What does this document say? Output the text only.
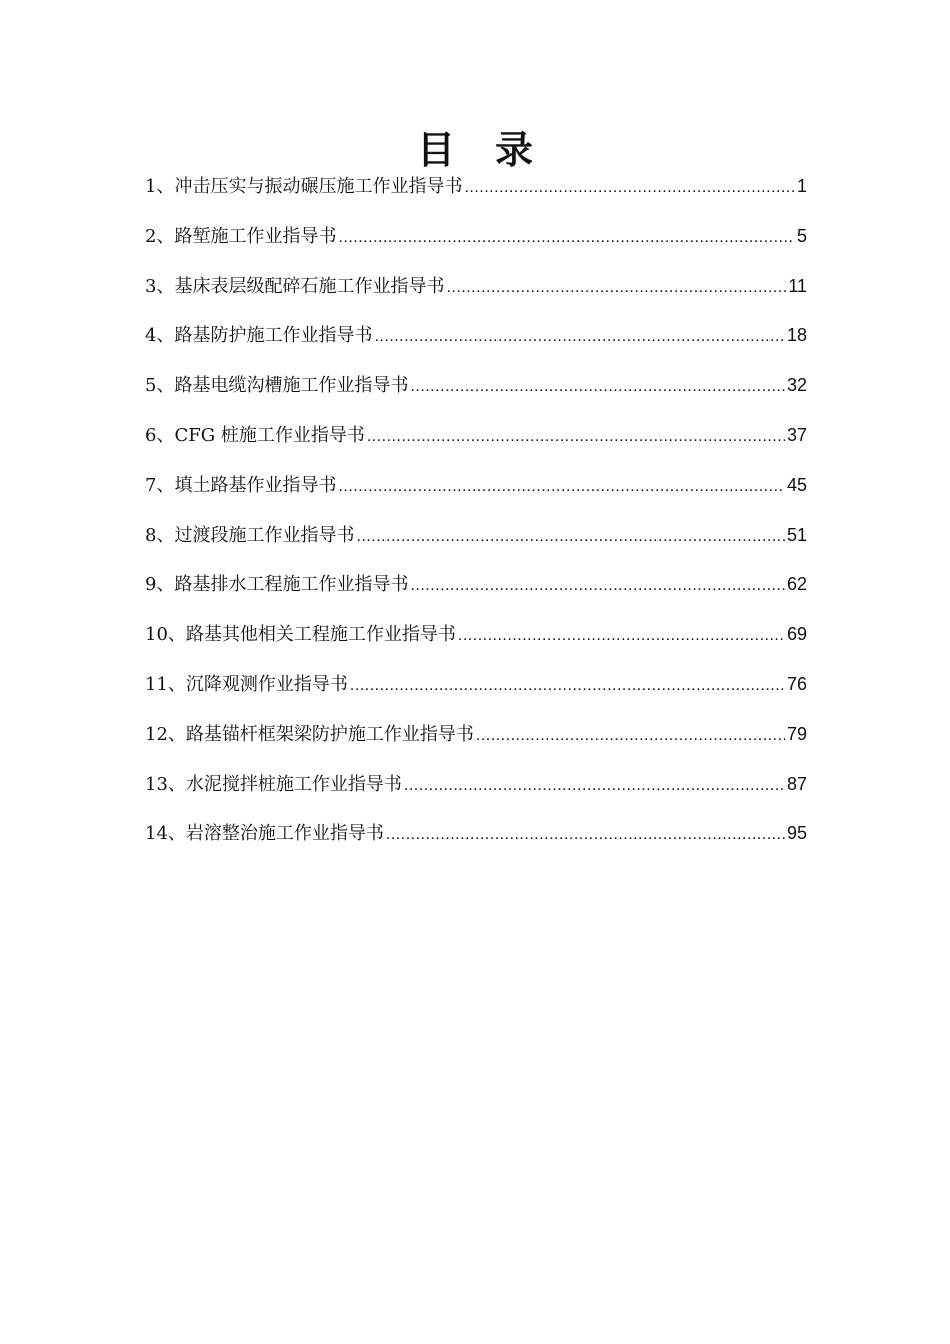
目录
1、冲击压实与振动碾压施工作业指导书 .....	1
2、路堑施工作业指导书 .....	5
3、基床表层级配碎石施工作业指导书 .....	11
4、路基防护施工作业指导书 .....	18
5、路基电缆沟槽施工作业指导书 .....	32
6、CFG 桩施工作业指导书 .....	37
7、填土路基作业指导书 .....	45
8、过渡段施工作业指导书 .....	51
9、路基排水工程施工作业指导书 .....	62
10、路基其他相关工程施工作业指导书 .....	69
11、沉降观测作业指导书 .....	76
12、路基锚杆框架梁防护施工作业指导书 .....	79
13、水泥搅拌桩施工作业指导书 .....	87
14、岩溶整治施工作业指导书 .....	95
